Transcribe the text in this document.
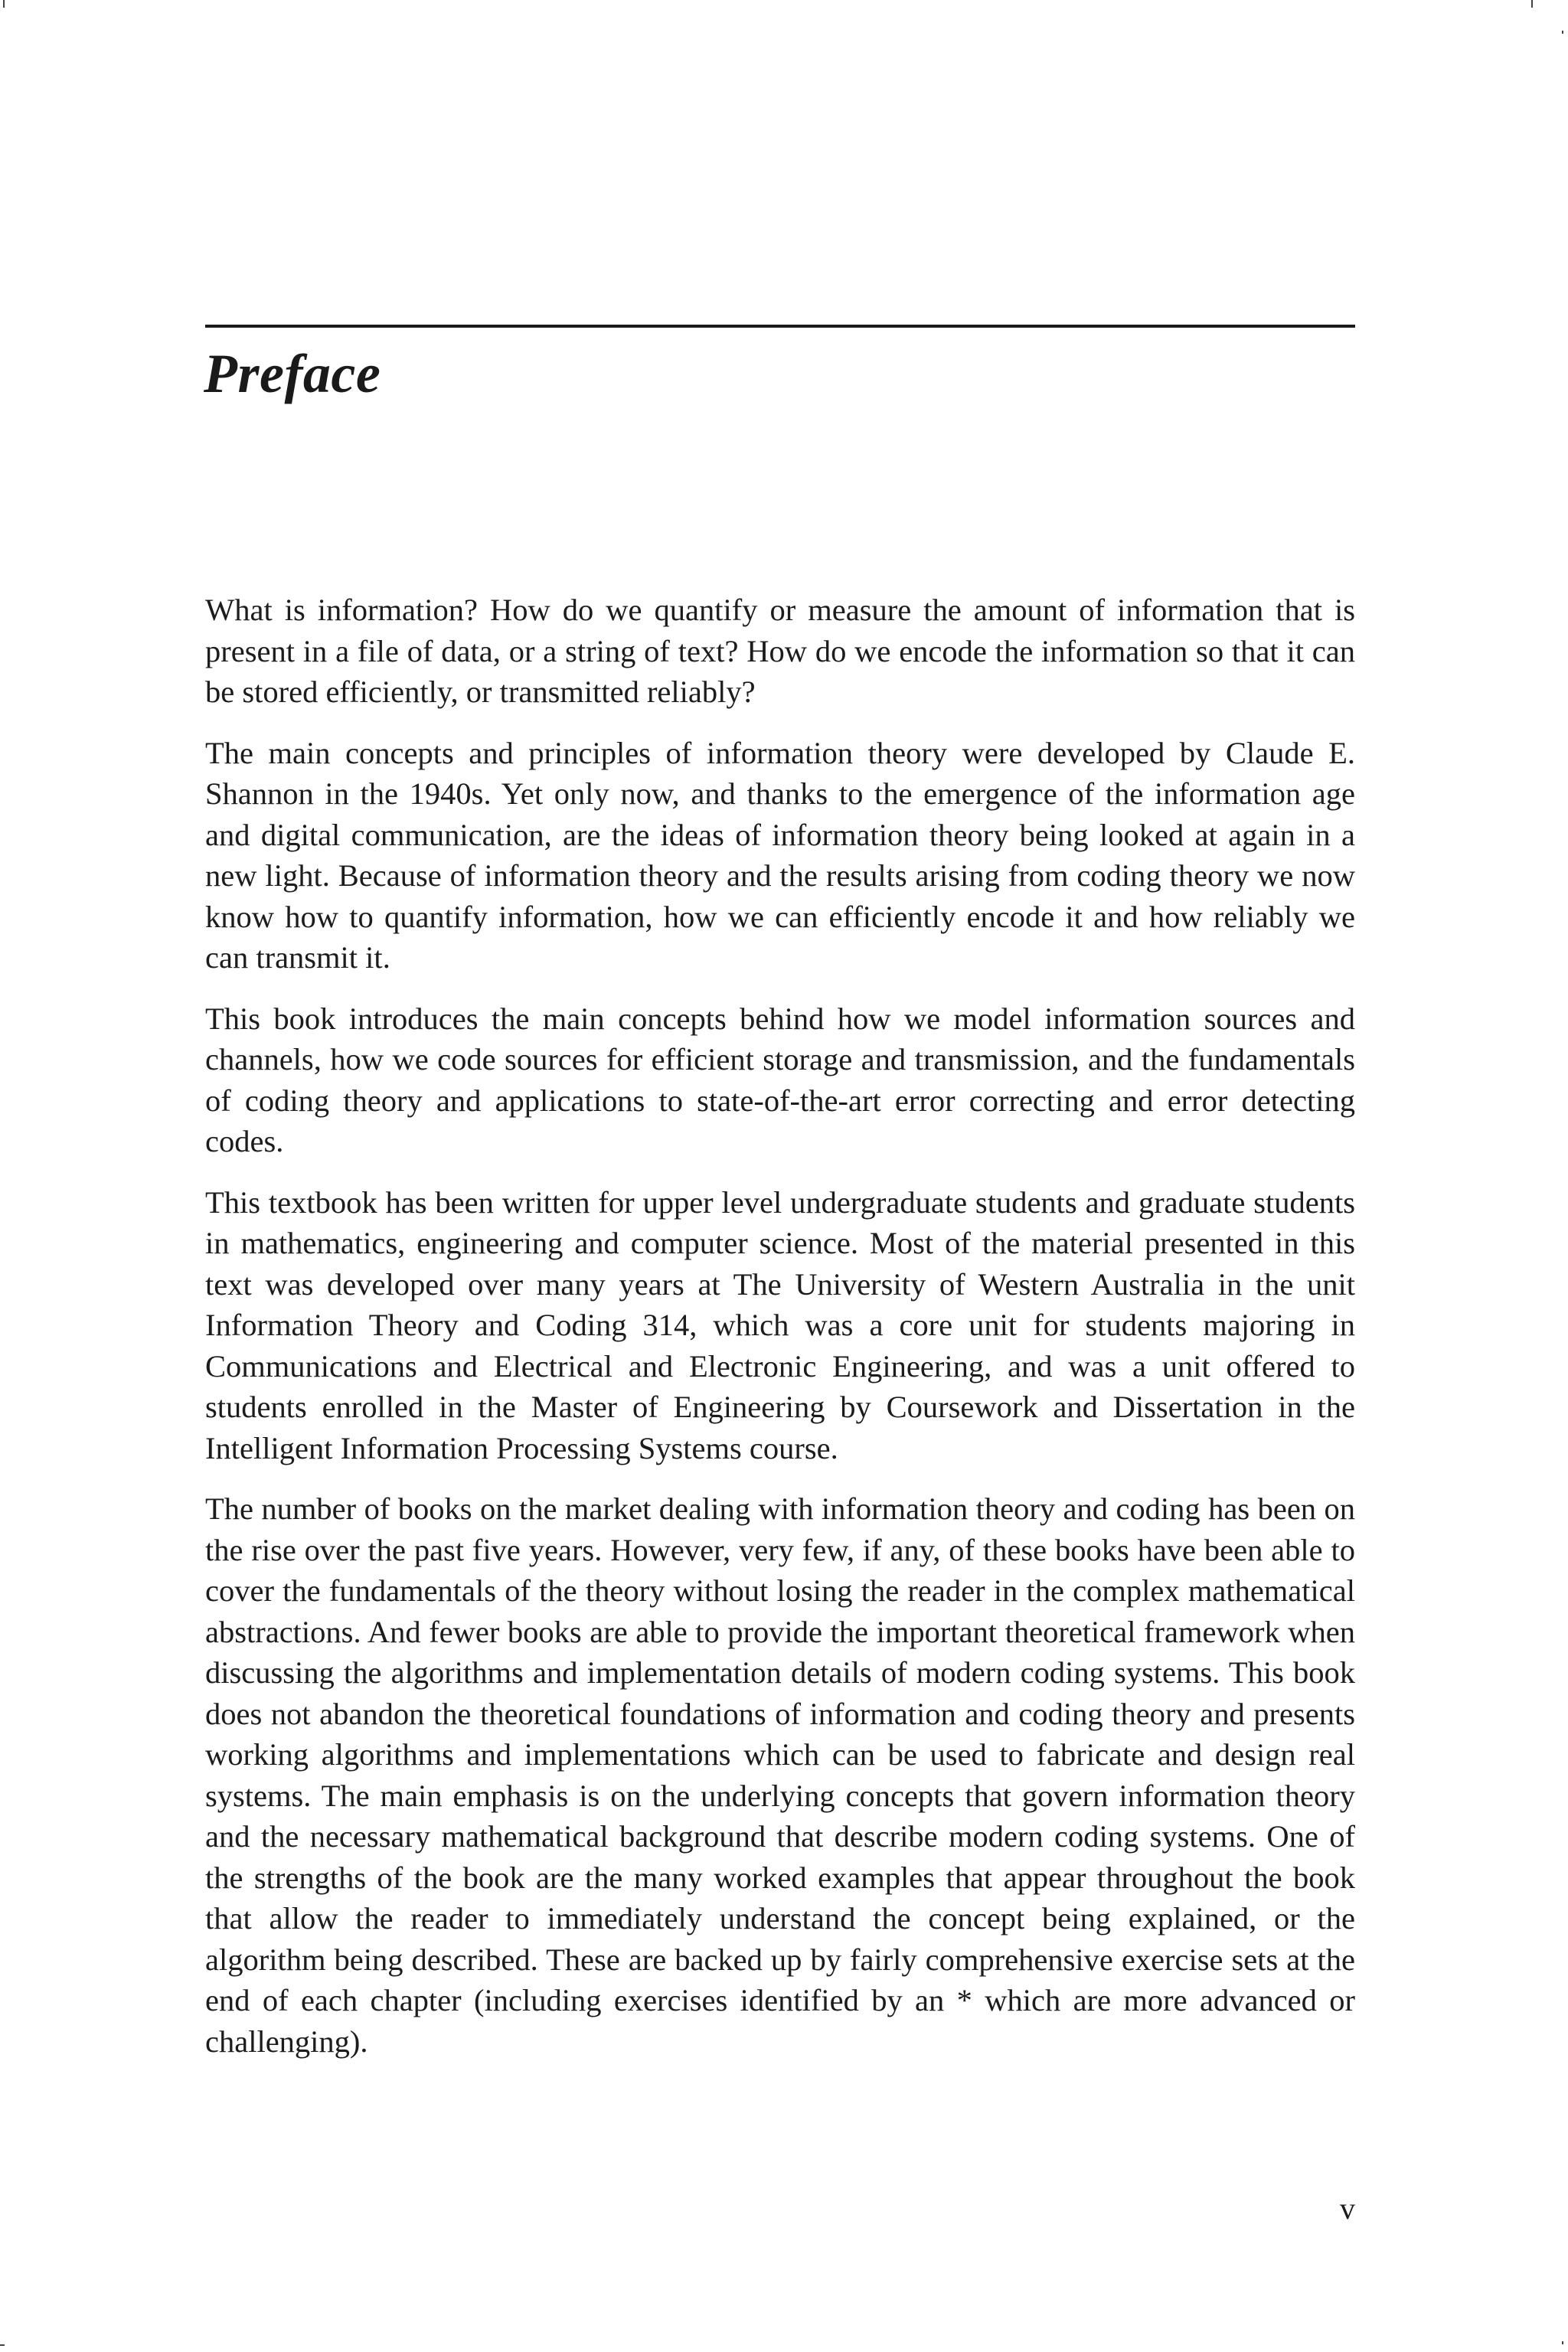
Preface

What is information? How do we quantify or measure the amount of information that is present in a file of data, or a string of text? How do we encode the information so that it can be stored efficiently, or transmitted reliably?

The main concepts and principles of information theory were developed by Claude E. Shannon in the 1940s. Yet only now, and thanks to the emergence of the information age and digital communication, are the ideas of information theory being looked at again in a new light. Because of information theory and the results arising from coding theory we now know how to quantify information, how we can efficiently encode it and how reliably we can transmit it.

This book introduces the main concepts behind how we model information sources and channels, how we code sources for efficient storage and transmission, and the fundamentals of coding theory and applications to state-of-the-art error correcting and error detecting codes.

This textbook has been written for upper level undergraduate students and graduate students in mathematics, engineering and computer science. Most of the material presented in this text was developed over many years at The University of Western Australia in the unit Information Theory and Coding 314, which was a core unit for students majoring in Communications and Electrical and Electronic Engineering, and was a unit offered to students enrolled in the Master of Engineering by Coursework and Dissertation in the Intelligent Information Processing Systems course.

The number of books on the market dealing with information theory and coding has been on the rise over the past five years. However, very few, if any, of these books have been able to cover the fundamentals of the theory without losing the reader in the complex mathematical abstractions. And fewer books are able to provide the important theoretical framework when discussing the algorithms and implementation details of modern coding systems. This book does not abandon the theoretical foundations of information and coding theory and presents working algorithms and implementations which can be used to fabricate and design real systems. The main emphasis is on the underlying concepts that govern information theory and the necessary mathematical background that describe modern coding systems. One of the strengths of the book are the many worked examples that appear throughout the book that allow the reader to immediately understand the concept being explained, or the algorithm being described. These are backed up by fairly comprehensive exercise sets at the end of each chapter (including exercises identified by an * which are more advanced or challenging).

v
